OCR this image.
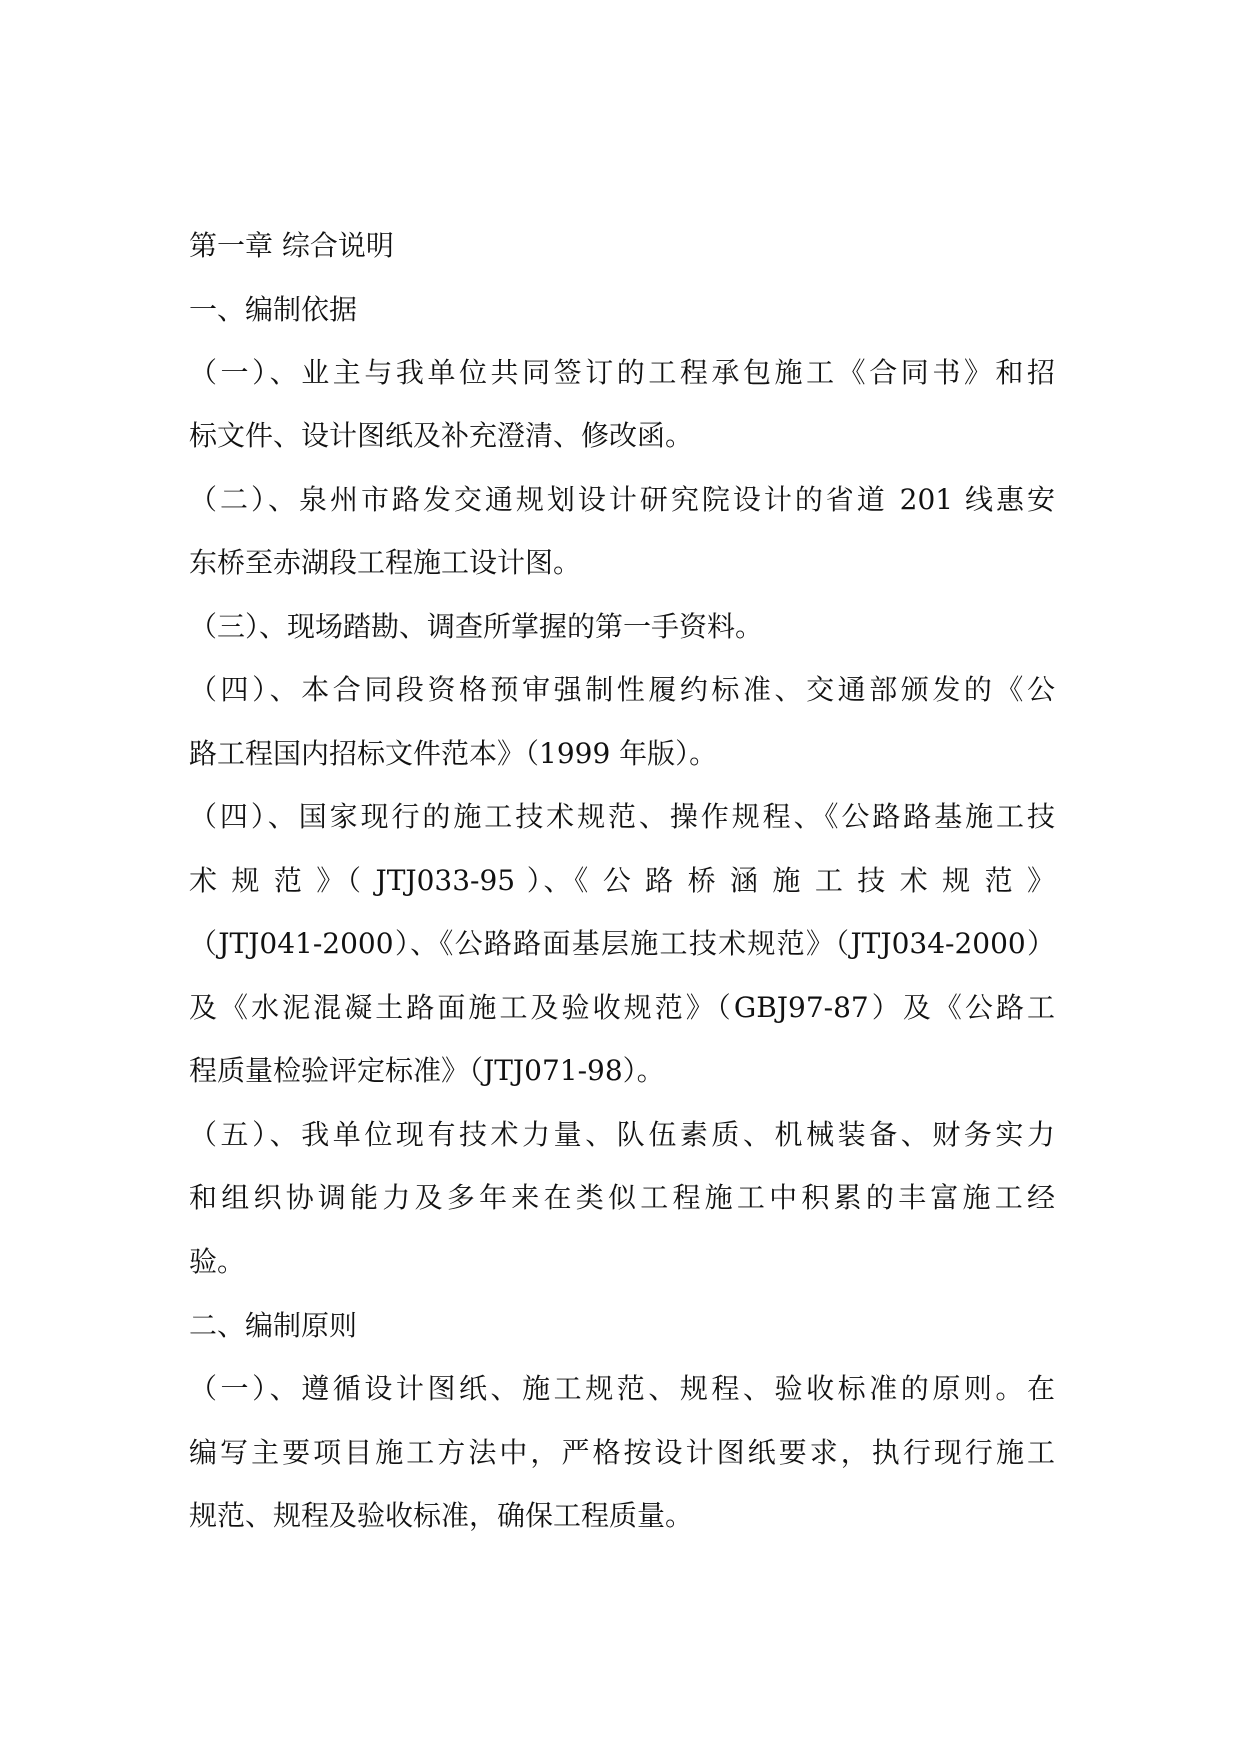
第一章 综合说明
一、编制依据
（一）、业主与我单位共同签订的工程承包施工《合同书》和招
标文件、设计图纸及补充澄清、修改函。
（二）、泉州市路发交通规划设计研究院设计的省道 201 线惠安
东桥至赤湖段工程施工设计图。
（三）、现场踏勘、调查所掌握的第一手资料。
（四）、本合同段资格预审强制性履约标准、交通部颁发的《公
路工程国内招标文件范本》（1999 年版）。
（四）、国家现行的施工技术规范、操作规程、《公路路基施工技
术 规 范 》（ JTJ033-95 ）、《 公 路 桥 涵 施 工 技 术 规 范 》
（JTJ041-2000）、《公路路面基层施工技术规范》（JTJ034-2000）
及《水泥混凝土路面施工及验收规范》（GBJ97-87）及《公路工
程质量检验评定标准》（JTJ071-98）。
（五）、我单位现有技术力量、队伍素质、机械装备、财务实力
和组织协调能力及多年来在类似工程施工中积累的丰富施工经
验。
二、编制原则
（一）、遵循设计图纸、施工规范、规程、验收标准的原则。在
编写主要项目施工方法中，严格按设计图纸要求，执行现行施工
规范、规程及验收标准，确保工程质量。
